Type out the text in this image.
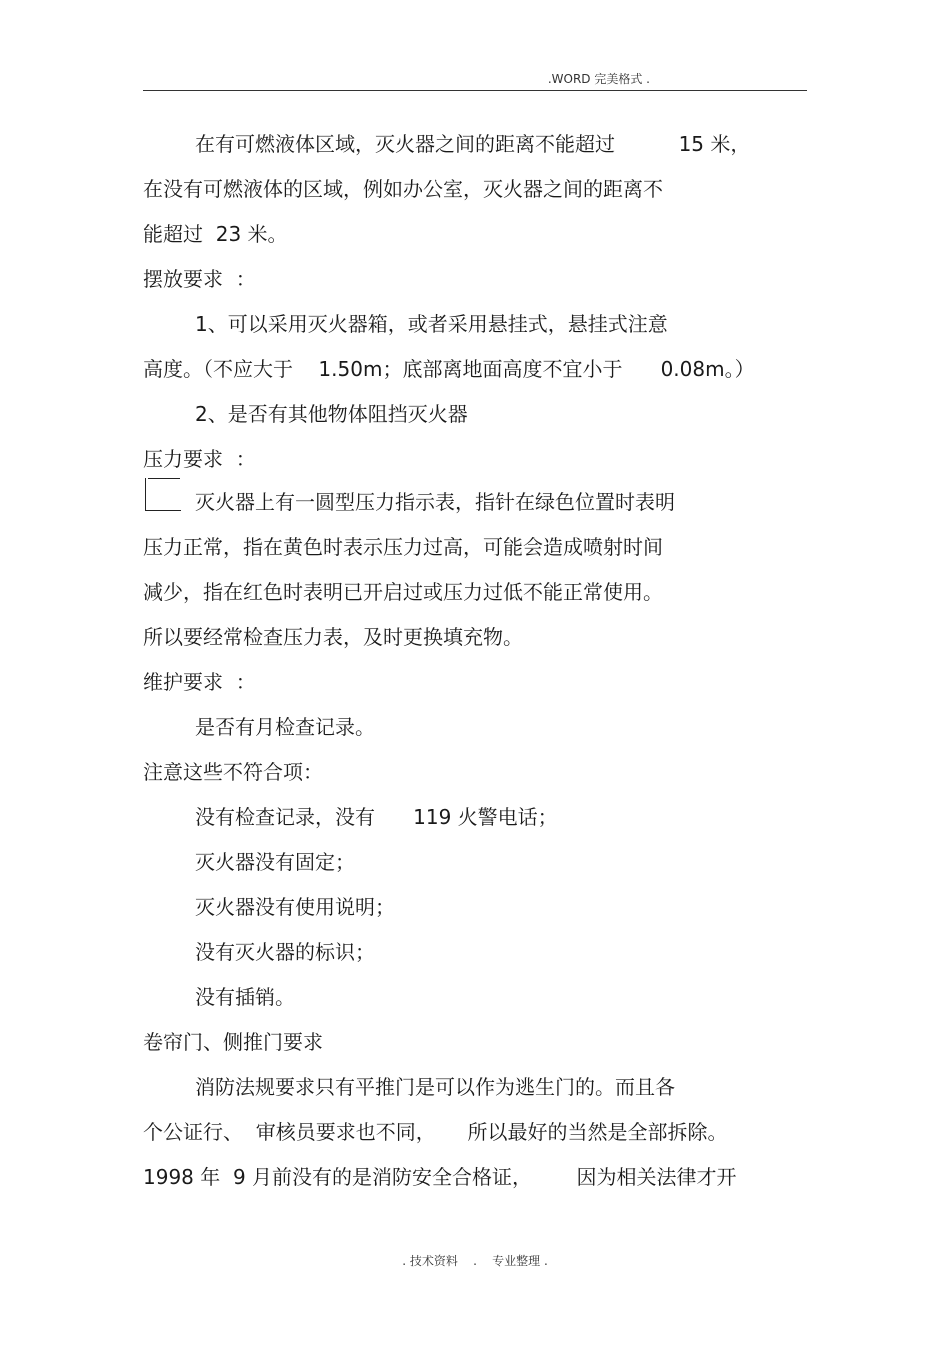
.WORD 完美格式 .
在有可燃液体区域，灭火器之间的距离不能超过          15 米，
在没有可燃液体的区域，例如办公室，灭火器之间的距离不
能超过  23 米。
摆放要求  ：
1、可以采用灭火器箱，或者采用悬挂式，悬挂式注意
高度。（不应大于    1.50m；底部离地面高度不宜小于      0.08m。）
2、是否有其他物体阻挡灭火器
压力要求  ：
灭火器上有一圆型压力指示表，指针在绿色位置时表明
压力正常，指在黄色时表示压力过高，可能会造成喷射时间
减少，指在红色时表明已开启过或压力过低不能正常使用。
所以要经常检查压力表，及时更换填充物。
维护要求  ：
是否有月检查记录。
注意这些不符合项：
没有检查记录，没有      119 火警电话；
灭火器没有固定；
灭火器没有使用说明；
没有灭火器的标识；
没有插销。
卷帘门、侧推门要求
消防法规要求只有平推门是可以作为逃生门的。而且各
个公证行、  审核员要求也不同，     所以最好的当然是全部拆除。
1998 年  9 月前没有的是消防安全合格证，       因为相关法律才开
. 技术资料    .    专业整理 .
